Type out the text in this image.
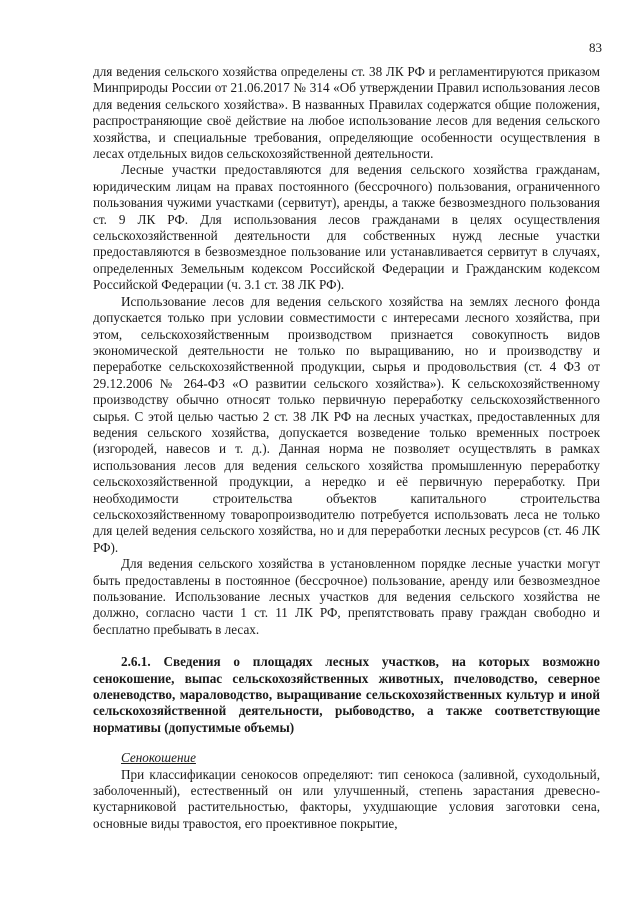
83

для ведения сельского хозяйства определены ст. 38 ЛК РФ и регламентируются приказом Минприроды России от 21.06.2017 № 314 «Об утверждении Правил использования лесов для ведения сельского хозяйства». В названных Правилах содержатся общие положения, распространяющие своё действие на любое использование лесов для ведения сельского хозяйства, и специальные требования, определяющие особенности осуществления в лесах отдельных видов сельскохозяйственной деятельности.

Лесные участки предоставляются для ведения сельского хозяйства гражданам, юридическим лицам на правах постоянного (бессрочного) пользования, ограниченного пользования чужими участками (сервитут), аренды, а также безвозмездного пользования ст. 9 ЛК РФ. Для использования лесов гражданами в целях осуществления сельскохозяйственной деятельности для собственных нужд лесные участки предоставляются в безвозмездное пользование или устанавливается сервитут в случаях, определенных Земельным кодексом Российской Федерации и Гражданским кодексом Российской Федерации (ч. 3.1 ст. 38 ЛК РФ).

Использование лесов для ведения сельского хозяйства на землях лесного фонда допускается только при условии совместимости с интересами лесного хозяйства, при этом, сельскохозяйственным производством признается совокупность видов экономической деятельности не только по выращиванию, но и производству и переработке сельскохозяйственной продукции, сырья и продовольствия (ст. 4 ФЗ от 29.12.2006 № 264-ФЗ «О развитии сельского хозяйства»). К сельскохозяйственному производству обычно относят только первичную переработку сельскохозяйственного сырья. С этой целью частью 2 ст. 38 ЛК РФ на лесных участках, предоставленных для ведения сельского хозяйства, допускается возведение только временных построек (изгородей, навесов и т. д.). Данная норма не позволяет осуществлять в рамках использования лесов для ведения сельского хозяйства промышленную переработку сельскохозяйственной продукции, а нередко и её первичную переработку. При необходимости строительства объектов капитального строительства сельскохозяйственному товаропроизводителю потребуется использовать леса не только для целей ведения сельского хозяйства, но и для переработки лесных ресурсов (ст. 46 ЛК РФ).

Для ведения сельского хозяйства в установленном порядке лесные участки могут быть предоставлены в постоянное (бессрочное) пользование, аренду или безвозмездное пользование. Использование лесных участков для ведения сельского хозяйства не должно, согласно части 1 ст. 11 ЛК РФ, препятствовать праву граждан свободно и бесплатно пребывать в лесах.

2.6.1. Сведения о площадях лесных участков, на которых возможно сенокошение, выпас сельскохозяйственных животных, пчеловодство, северное оленеводство, мараловодство, выращивание сельскохозяйственных культур и иной сельскохозяйственной деятельности, рыбоводство, а также соответствующие нормативы (допустимые объемы)

Сенокошение

При классификации сенокосов определяют: тип сенокоса (заливной, суходольный, заболоченный), естественный он или улучшенный, степень зарастания древесно-кустарниковой растительностью, факторы, ухудшающие условия заготовки сена, основные виды травостоя, его проективное покрытие,
